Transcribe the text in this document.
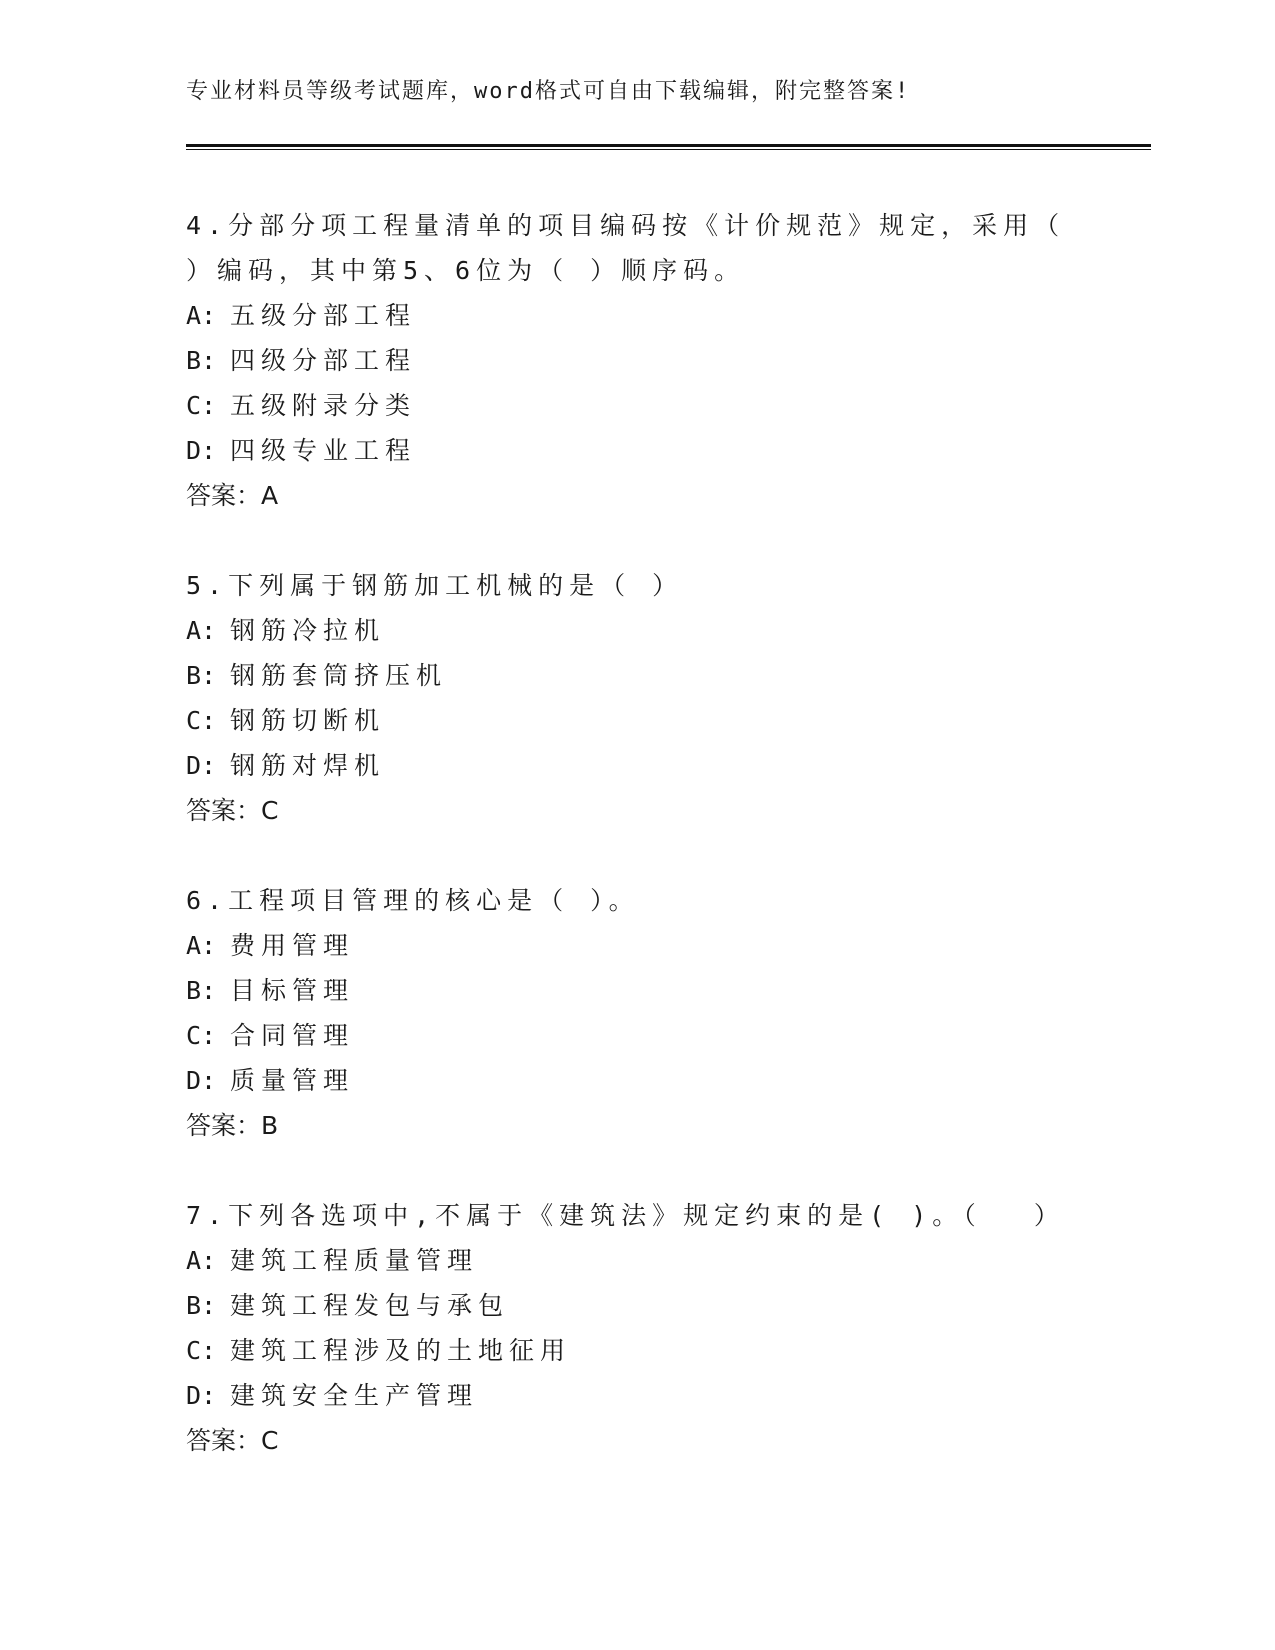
专业材料员等级考试题库，word格式可自由下载编辑，附完整答案!

4.分部分项工程量清单的项目编码按《计价规范》规定，采用（ ）编码，其中第5、6位为（ ）顺序码。

A: 五级分部工程
B: 四级分部工程
C: 五级附录分类
D: 四级专业工程
答案：A

5.下列属于钢筋加工机械的是（ ）

A: 钢筋冷拉机
B: 钢筋套筒挤压机
C: 钢筋切断机
D: 钢筋对焊机
答案：C

6.工程项目管理的核心是（ ）。

A: 费用管理
B: 目标管理
C: 合同管理
D: 质量管理
答案：B

7.下列各选项中,不属于《建筑法》规定约束的是( )。（　 ）

A: 建筑工程质量管理
B: 建筑工程发包与承包
C: 建筑工程涉及的土地征用
D: 建筑安全生产管理
答案：C
